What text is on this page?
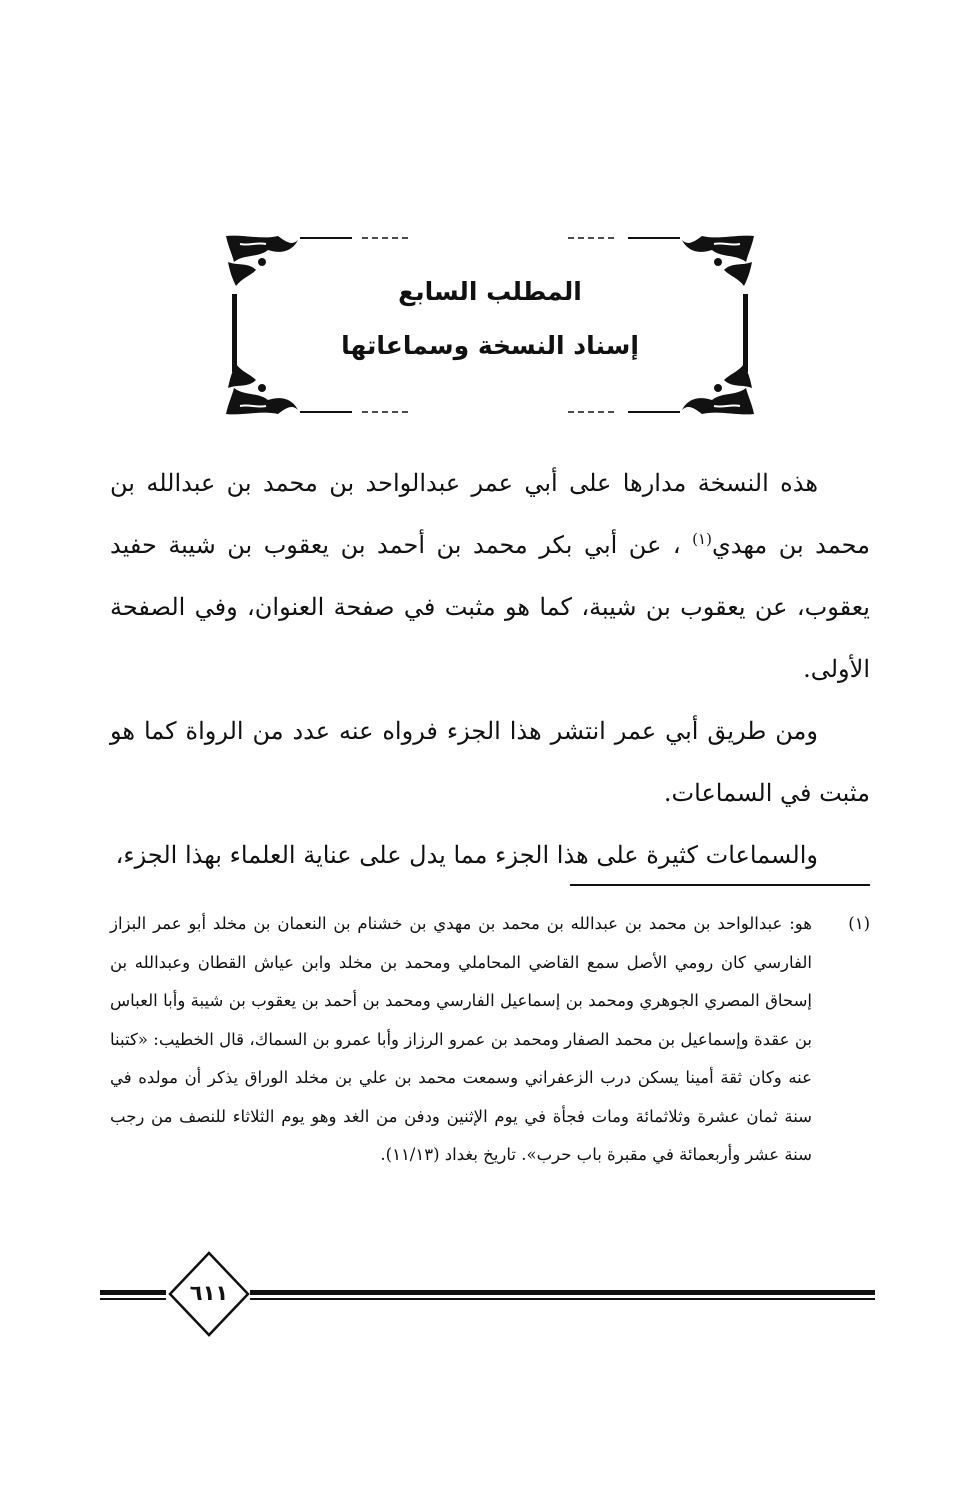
المطلب السابع
إسناد النسخة وسماعاتها

هذه النسخة مدارها على أبي عمر عبدالواحد بن محمد بن عبدالله بن محمد بن مهدي$^{(١)}$ ، عن أبي بكر محمد بن أحمد بن يعقوب بن شيبة حفيد يعقوب، عن يعقوب بن شيبة، كما هو مثبت في صفحة العنوان، وفي الصفحة الأولى.

ومن طريق أبي عمر انتشر هذا الجزء فرواه عنه عدد من الرواة كما هو مثبت في السماعات.

والسماعات كثيرة على هذا الجزء مما يدل على عناية العلماء بهذا الجزء،

(١)
هو: عبدالواحد بن محمد بن عبدالله بن محمد بن مهدي بن خشنام بن النعمان بن مخلد أبو عمر البزاز الفارسي كان رومي الأصل سمع القاضي المحاملي ومحمد بن مخلد وابن عياش القطان وعبدالله بن إسحاق المصري الجوهري ومحمد بن إسماعيل الفارسي ومحمد بن أحمد بن يعقوب بن شيبة وأبا العباس بن عقدة وإسماعيل بن محمد الصفار ومحمد بن عمرو الرزاز وأبا عمرو بن السماك، قال الخطيب: «كتبنا عنه وكان ثقة أمينا يسكن درب الزعفراني وسمعت محمد بن علي بن مخلد الوراق يذكر أن مولده في سنة ثمان عشرة وثلاثمائة ومات فجأة في يوم الإثنين ودفن من الغد وهو يوم الثلاثاء للنصف من رجب سنة عشر وأربعمائة في مقبرة باب حرب». تاريخ بغداد (١١/١٣).
٦١١
